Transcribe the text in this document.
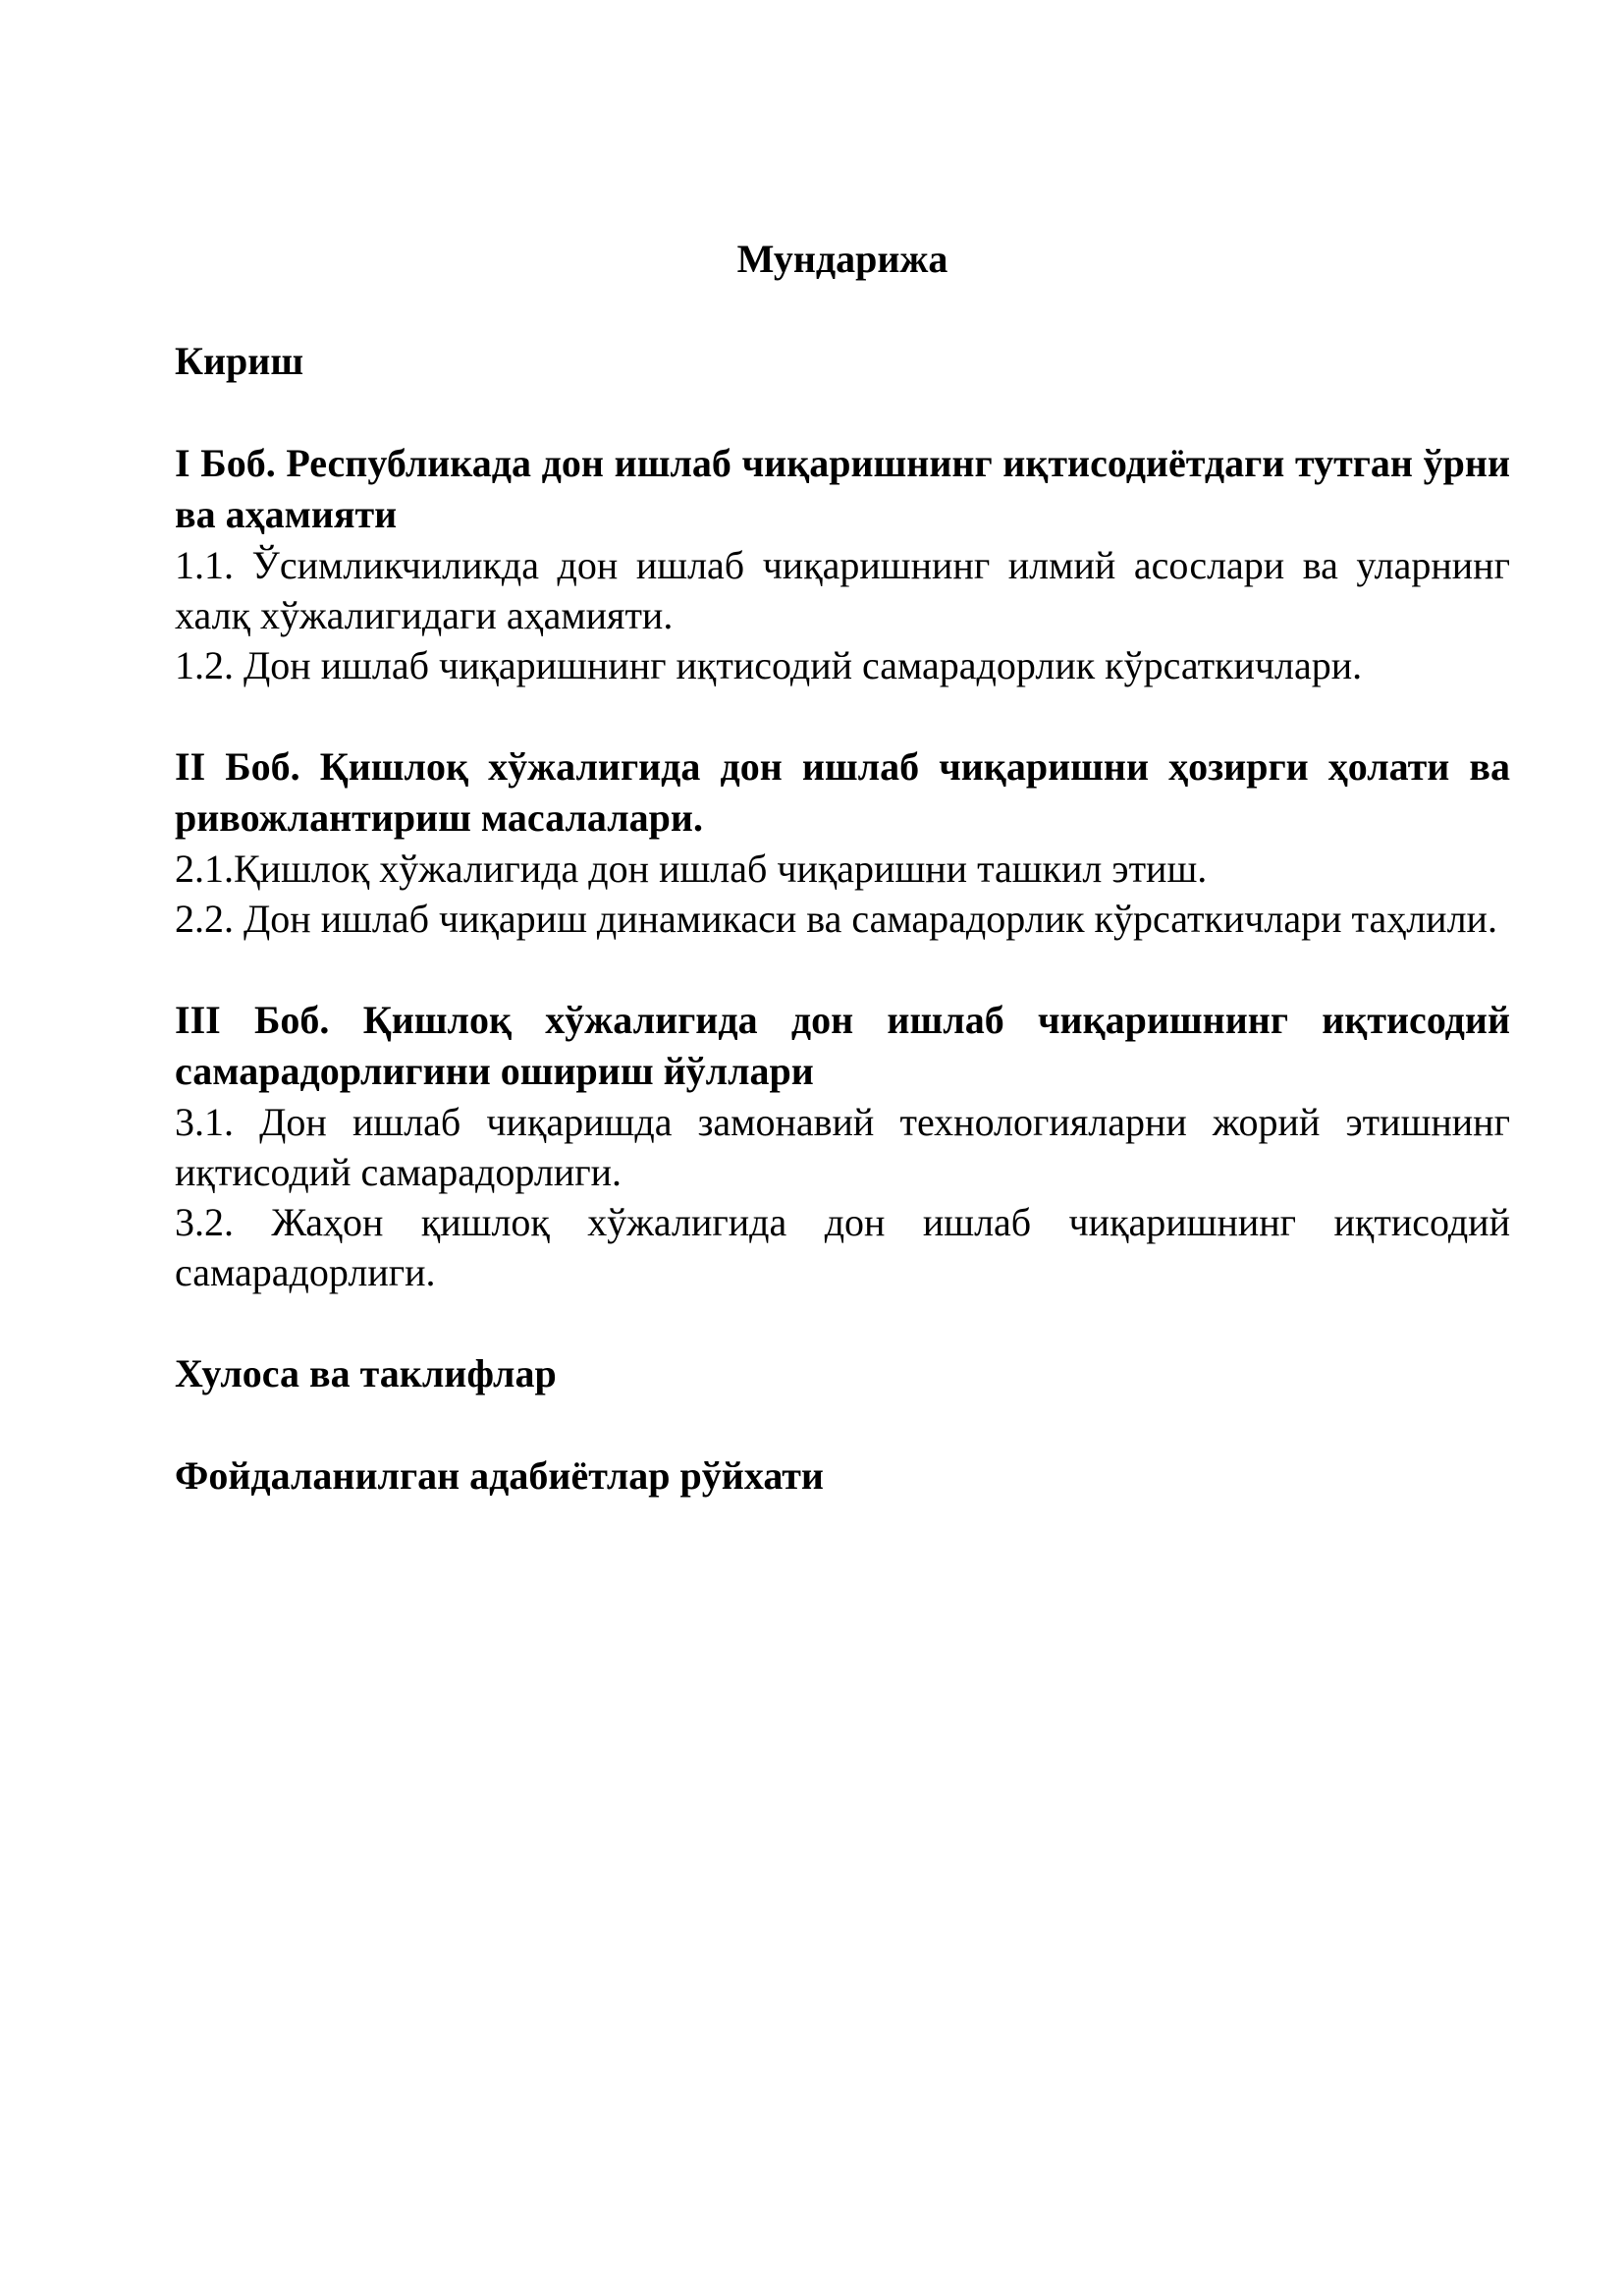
Мундарижа

Кириш

I Боб. Республикада дон ишлаб чиқаришнинг иқтисодиётдаги тутган ўрни ва аҳамияти

1.1. Ўсимликчиликда дон ишлаб чиқаришнинг илмий асослари ва уларнинг халқ хўжалигидаги аҳамияти.

1.2. Дон ишлаб чиқаришнинг иқтисодий самарадорлик кўрсаткичлари.

II Боб. Қишлоқ хўжалигида дон ишлаб чиқаришни ҳозирги ҳолати ва ривожлантириш масалалари.

2.1.Қишлоқ хўжалигида дон ишлаб чиқаришни ташкил этиш.

2.2. Дон ишлаб чиқариш динамикаси ва самарадорлик кўрсаткичлари таҳлили.

III Боб. Қишлоқ хўжалигида дон ишлаб чиқаришнинг иқтисодий самарадорлигини ошириш йўллари

3.1. Дон ишлаб чиқаришда замонавий технологияларни жорий этишнинг иқтисодий самарадорлиги.

3.2. Жаҳон қишлоқ хўжалигида дон ишлаб чиқаришнинг иқтисодий самарадорлиги.

Хулоса ва таклифлар

Фойдаланилган адабиётлар рўйхати
